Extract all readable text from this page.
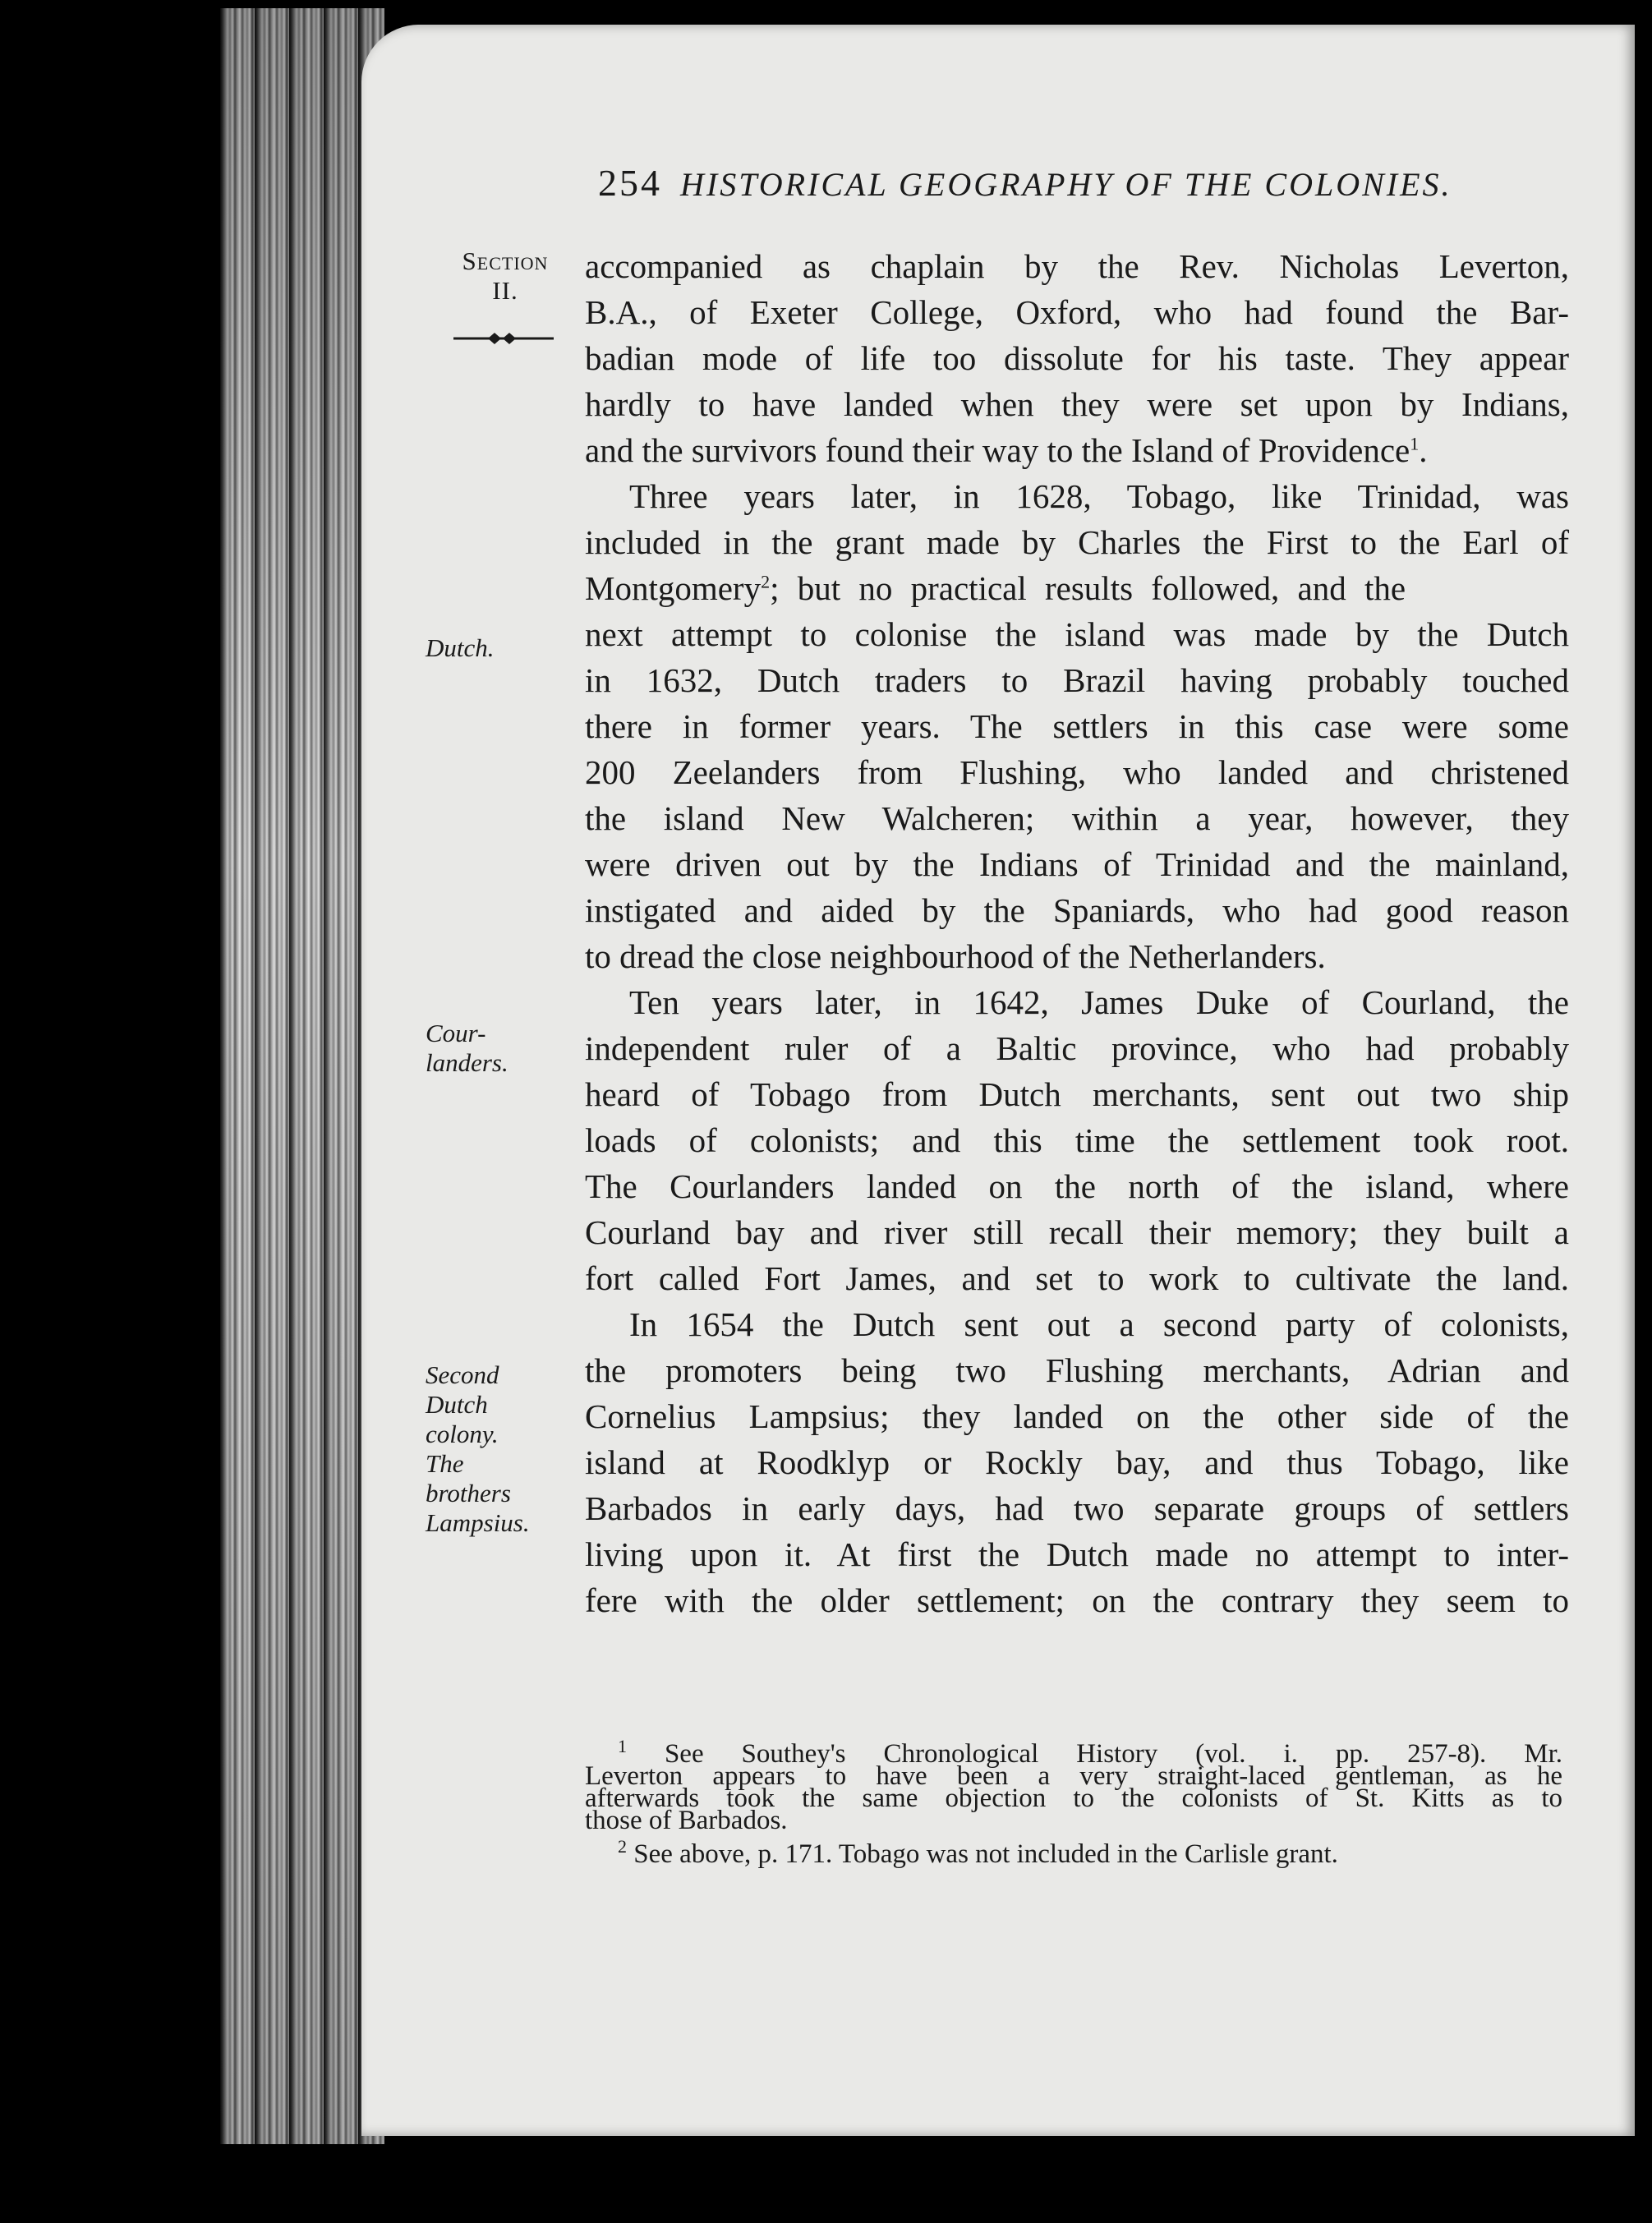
254 HISTORICAL GEOGRAPHY OF THE COLONIES.
Section
II.
Dutch.
Cour-
landers.
Second
Dutch
colony.
The
brothers
Lampsius.
accompanied as chaplain by the Rev. Nicholas Leverton,
B.A., of Exeter College, Oxford, who had found the Bar-
badian mode of life too dissolute for his taste. They appear
hardly to have landed when they were set upon by Indians,
and the survivors found their way to the Island of Providence$^1$.
Three years later, in 1628, Tobago, like Trinidad, was
included in the grant made by Charles the First to the Earl of
Montgomery$^2$; but no practical results followed, and the
next attempt to colonise the island was made by the Dutch
in 1632, Dutch traders to Brazil having probably touched
there in former years. The settlers in this case were some
200 Zeelanders from Flushing, who landed and christened
the island New Walcheren; within a year, however, they
were driven out by the Indians of Trinidad and the mainland,
instigated and aided by the Spaniards, who had good reason
to dread the close neighbourhood of the Netherlanders.
Ten years later, in 1642, James Duke of Courland, the
independent ruler of a Baltic province, who had probably
heard of Tobago from Dutch merchants, sent out two ship
loads of colonists; and this time the settlement took root.
The Courlanders landed on the north of the island, where
Courland bay and river still recall their memory; they built a
fort called Fort James, and set to work to cultivate the land.
In 1654 the Dutch sent out a second party of colonists,
the promoters being two Flushing merchants, Adrian and
Cornelius Lampsius; they landed on the other side of the
island at Roodklyp or Rockly bay, and thus Tobago, like
Barbados in early days, had two separate groups of settlers
living upon it. At first the Dutch made no attempt to inter-
fere with the older settlement; on the contrary they seem to
$^1$ See Southey's Chronological History (vol. i. pp. 257-8). Mr.
Leverton appears to have been a very straight-laced gentleman, as he
afterwards took the same objection to the colonists of St. Kitts as to
those of Barbados.
$^2$ See above, p. 171. Tobago was not included in the Carlisle grant.
